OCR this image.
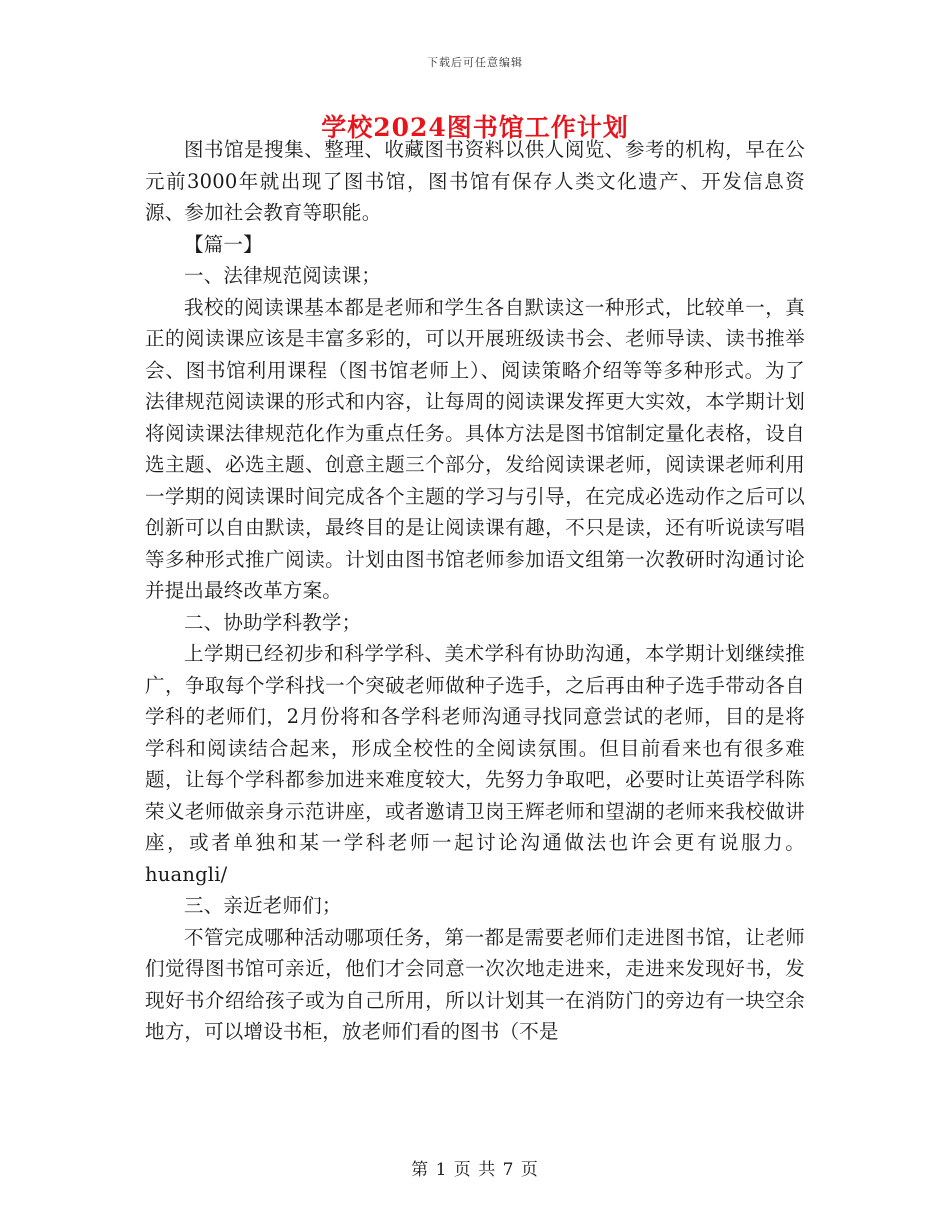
下载后可任意编辑
学校2024图书馆工作计划

图书馆是搜集、整理、收藏图书资料以供人阅览、参考的机构，早在公元前3000年就出现了图书馆，图书馆有保存人类文化遗产、开发信息资源、参加社会教育等职能。

【篇一】

一、法律规范阅读课；

我校的阅读课基本都是老师和学生各自默读这一种形式，比较单一，真正的阅读课应该是丰富多彩的，可以开展班级读书会、老师导读、读书推举会、图书馆利用课程（图书馆老师上）、阅读策略介绍等等多种形式。为了法律规范阅读课的形式和内容，让每周的阅读课发挥更大实效，本学期计划将阅读课法律规范化作为重点任务。具体方法是图书馆制定量化表格，设自选主题、必选主题、创意主题三个部分，发给阅读课老师，阅读课老师利用一学期的阅读课时间完成各个主题的学习与引导，在完成必选动作之后可以创新可以自由默读，最终目的是让阅读课有趣，不只是读，还有听说读写唱等多种形式推广阅读。计划由图书馆老师参加语文组第一次教研时沟通讨论并提出最终改革方案。

二、协助学科教学；

上学期已经初步和科学学科、美术学科有协助沟通，本学期计划继续推广，争取每个学科找一个突破老师做种子选手，之后再由种子选手带动各自学科的老师们，2月份将和各学科老师沟通寻找同意尝试的老师，目的是将学科和阅读结合起来，形成全校性的全阅读氛围。但目前看来也有很多难题，让每个学科都参加进来难度较大，先努力争取吧，必要时让英语学科陈荣义老师做亲身示范讲座，或者邀请卫岗王辉老师和望湖的老师来我校做讲座，或者单独和某一学科老师一起讨论沟通做法也许会更有说服力。huangli/

三、亲近老师们；

不管完成哪种活动哪项任务，第一都是需要老师们走进图书馆，让老师们觉得图书馆可亲近，他们才会同意一次次地走进来，走进来发现好书，发现好书介绍给孩子或为自己所用，所以计划其一在消防门的旁边有一块空余地方，可以增设书柜，放老师们看的图书（不是

第 1 页 共 7 页
